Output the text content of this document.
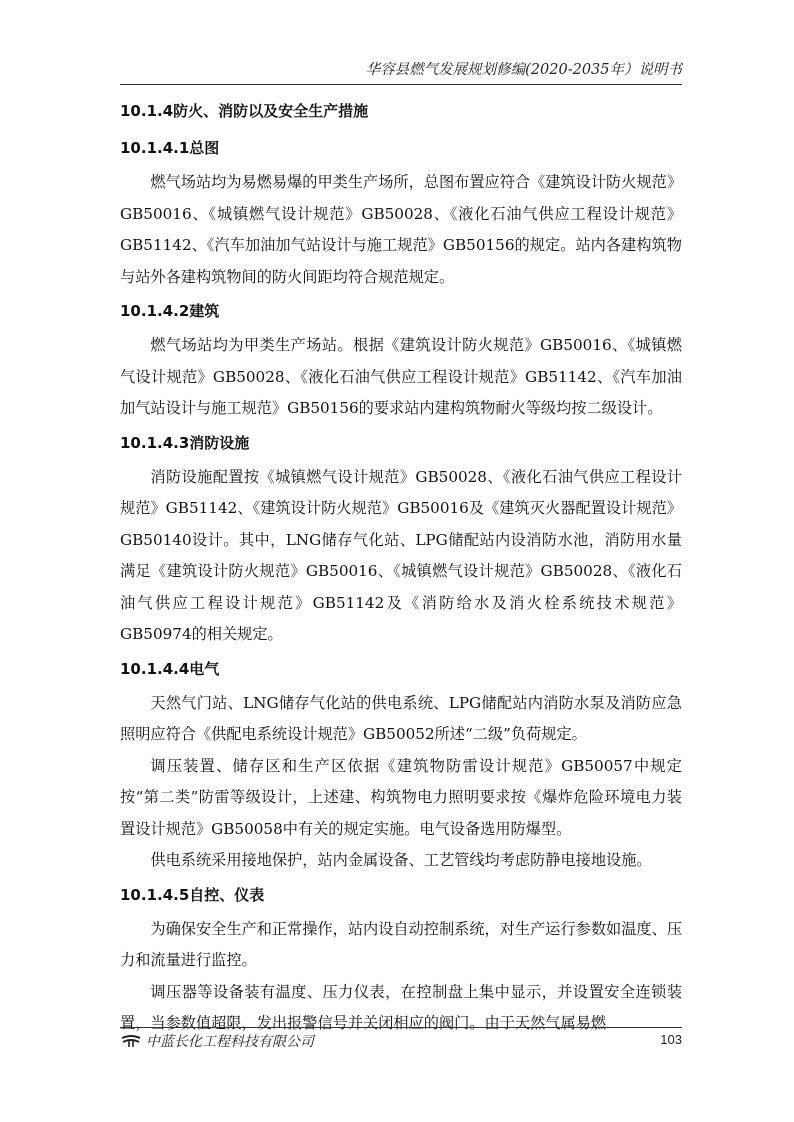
华容县燃气发展规划修编(2020-2035年）说明书
10.1.4防火、消防以及安全生产措施
10.1.4.1总图

燃气场站均为易燃易爆的甲类生产场所，总图布置应符合《建筑设计防火规范》GB50016、《城镇燃气设计规范》GB50028、《液化石油气供应工程设计规范》GB51142、《汽车加油加气站设计与施工规范》GB50156的规定。站内各建构筑物与站外各建构筑物间的防火间距均符合规范规定。

10.1.4.2建筑

燃气场站均为甲类生产场站。根据《建筑设计防火规范》GB50016、《城镇燃气设计规范》GB50028、《液化石油气供应工程设计规范》GB51142、《汽车加油加气站设计与施工规范》GB50156的要求站内建构筑物耐火等级均按二级设计。

10.1.4.3消防设施

消防设施配置按《城镇燃气设计规范》GB50028、《液化石油气供应工程设计规范》GB51142、《建筑设计防火规范》GB50016及《建筑灭火器配置设计规范》GB50140设计。其中，LNG储存气化站、LPG储配站内设消防水池，消防用水量满足《建筑设计防火规范》GB50016、《城镇燃气设计规范》GB50028、《液化石油气供应工程设计规范》GB51142及《消防给水及消火栓系统技术规范》GB50974的相关规定。

10.1.4.4电气

天然气门站、LNG储存气化站的供电系统、LPG储配站内消防水泵及消防应急照明应符合《供配电系统设计规范》GB50052所述“二级”负荷规定。

调压装置、储存区和生产区依据《建筑物防雷设计规范》GB50057中规定按“第二类”防雷等级设计，上述建、构筑物电力照明要求按《爆炸危险环境电力装置设计规范》GB50058中有关的规定实施。电气设备选用防爆型。

供电系统采用接地保护，站内金属设备、工艺管线均考虑防静电接地设施。

10.1.4.5自控、仪表

为确保安全生产和正常操作，站内设自动控制系统，对生产运行参数如温度、压力和流量进行监控。

调压器等设备装有温度、压力仪表，在控制盘上集中显示，并设置安全连锁装置，当参数值超限，发出报警信号并关闭相应的阀门。由于天然气属易燃

中蓝长化工程科技有限公司	103
